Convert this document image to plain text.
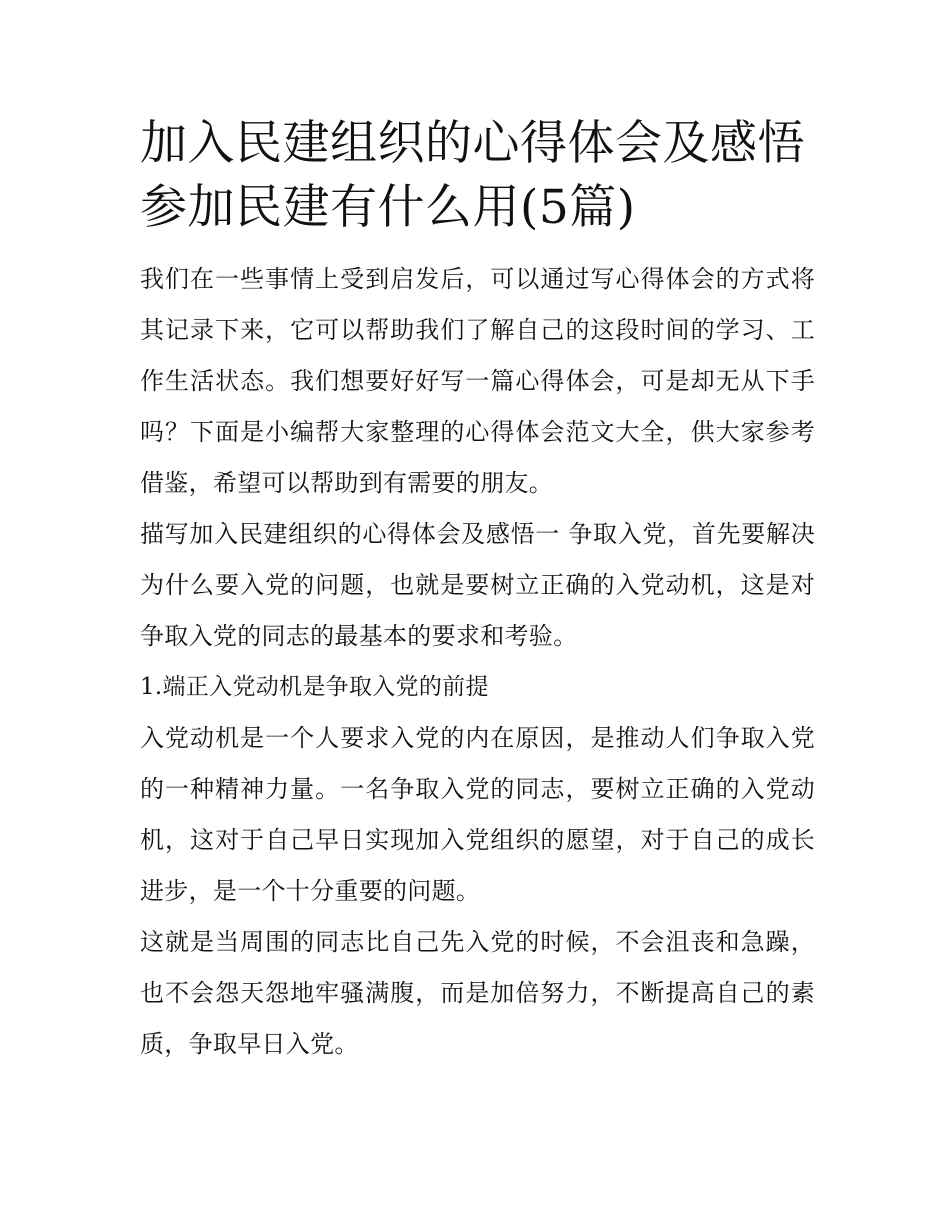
加入民建组织的心得体会及感悟 参加民建有什么用(5篇)

我们在一些事情上受到启发后，可以通过写心得体会的方式将其记录下来，它可以帮助我们了解自己的这段时间的学习、工作生活状态。我们想要好好写一篇心得体会，可是却无从下手吗？下面是小编帮大家整理的心得体会范文大全，供大家参考借鉴，希望可以帮助到有需要的朋友。

描写加入民建组织的心得体会及感悟一 争取入党，首先要解决为什么要入党的问题，也就是要树立正确的入党动机，这是对争取入党的同志的最基本的要求和考验。

1.端正入党动机是争取入党的前提

入党动机是一个人要求入党的内在原因，是推动人们争取入党的一种精神力量。一名争取入党的同志，要树立正确的入党动机，这对于自己早日实现加入党组织的愿望，对于自己的成长进步，是一个十分重要的问题。

这就是当周围的同志比自己先入党的时候，不会沮丧和急躁，也不会怨天怨地牢骚满腹，而是加倍努力，不断提高自己的素质，争取早日入党。
